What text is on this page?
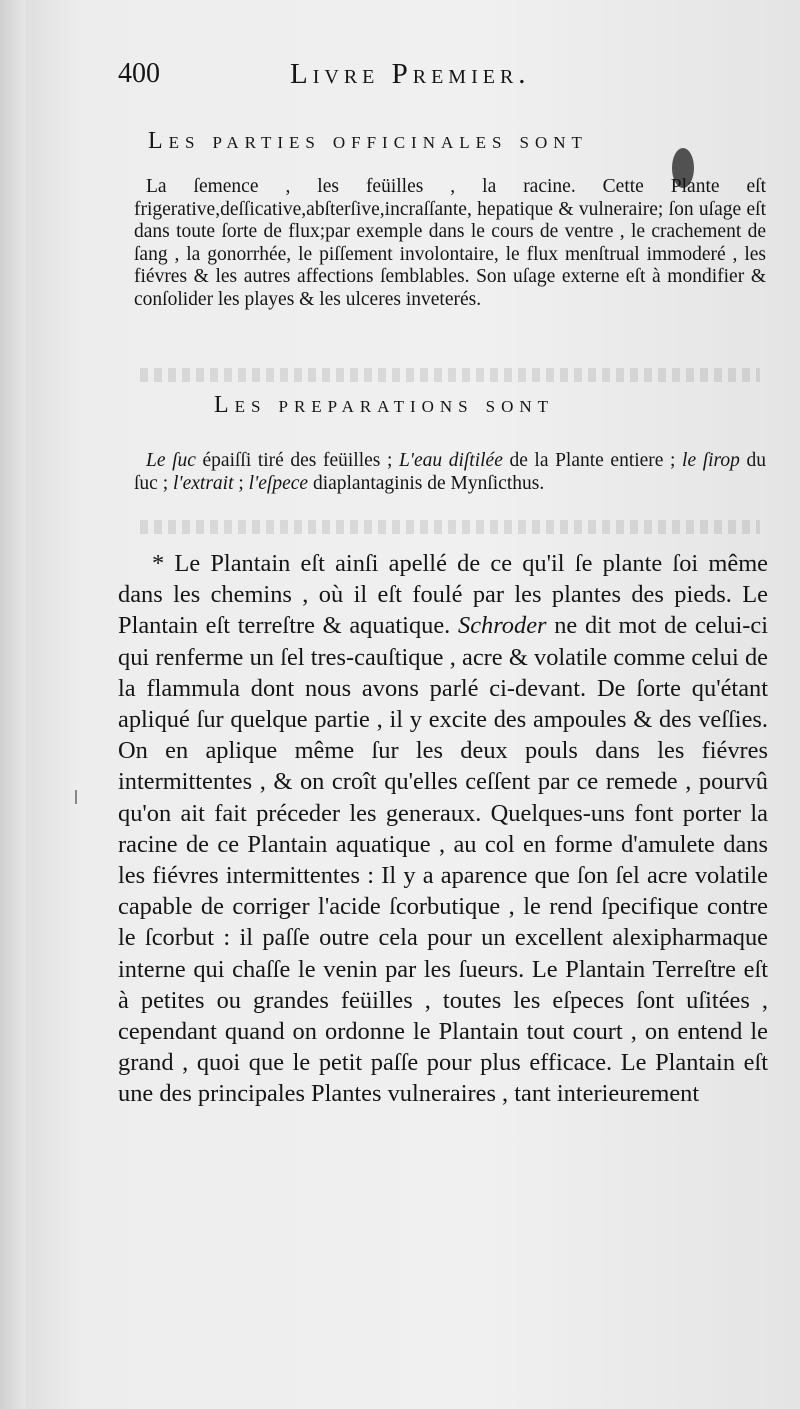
400	Livre Premier.
Les parties officinales sont

La ſemence , les feüilles , la racine. Cette Plante eſt frigerative,deſſicative,abſterſive,incraſſante, hepatique & vulneraire; ſon uſage eſt dans toute ſorte de flux;par exemple dans le cours de ventre , le crachement de ſang , la gonorrhée, le piſſement involontaire, le flux menſtrual immoderé , les fiévres & les autres affections ſemblables. Son uſage externe eſt à mondifier & conſolider les playes & les ulceres inveterés.

Les preparations sont

Le ſuc épaiſſi tiré des feüilles ; L'eau diſtilée de la Plante entiere ; le ſirop du ſuc ; l'extrait ; l'eſpece diaplantaginis de Mynſicthus.

ǀ

* Le Plantain eſt ainſi apellé de ce qu'il ſe plante ſoi même dans les chemins , où il eſt foulé par les plantes des pieds. Le Plantain eſt terreſtre & aquatique. Schroder ne dit mot de celui-ci qui renferme un ſel tres-cauſtique , acre & volatile comme celui de la flammula dont nous avons parlé ci-devant. De ſorte qu'étant apliqué ſur quelque partie , il y excite des ampoules & des veſſies. On en aplique même ſur les deux pouls dans les fiévres intermittentes , & on croît qu'elles ceſſent par ce remede , pourvû qu'on ait fait préceder les generaux. Quelques-uns font porter la racine de ce Plantain aquatique , au col en forme d'amulete dans les fiévres intermittentes : Il y a aparence que ſon ſel acre volatile capable de corriger l'acide ſcorbutique , le rend ſpecifique contre le ſcorbut : il paſſe outre cela pour un excellent alexipharmaque interne qui chaſſe le venin par les ſueurs. Le Plantain Terreſtre eſt à petites ou grandes feüilles , toutes les eſpeces ſont uſitées , cependant quand on ordonne le Plantain tout court , on entend le grand , quoi que le petit paſſe pour plus efficace. Le Plantain eſt une des principales Plantes vulneraires , tant interieurement
